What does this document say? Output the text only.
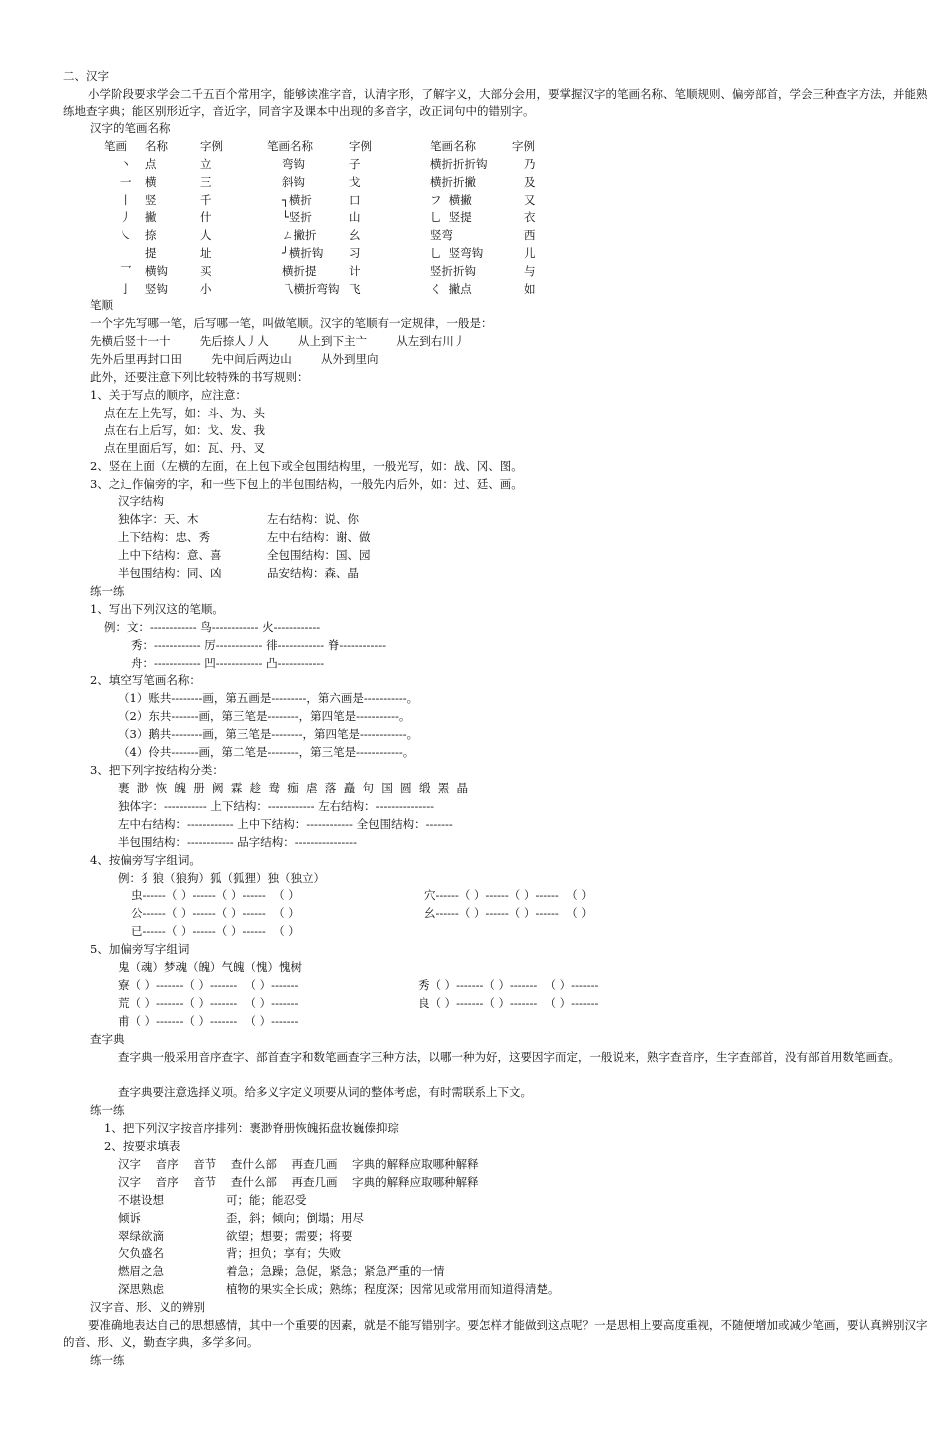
二、汉字
小学阶段要求学会二千五百个常用字，能够读准字音，认清字形，了解字义，大部分会用，要掌握汉字的笔画名称、笔顺规则、偏旁部首，学会三种查字方法，并能熟练地查字典；能区别形近字，音近字，同音字及课本中出现的多音字，改正词句中的错别字。
汉字的笔画名称
笔画 名称	字例	笔画名称	字例	笔画名称	字例
丶 点	立	弯钩	子	横折折折钩	乃
一 横	三	斜钩	戈	横折折撇	及
丨 竖	千	┐横折	口	フ  横撇	又
丿 撇	什	└竖折	山	乚  竖提	衣
㇏ 捺	人	ㄥ撇折	幺	竖弯	西
提	址	╯横折钩 习	乚  竖弯钩	儿
乛 横钩	买	横折提	计	竖折折钩	与
亅 竖钩	小	乁横折弯钩 飞	く  撇点	如
笔顺
一个字先写哪一笔，后写哪一笔，叫做笔顺。汉字的笔顺有一定规律，一般是：
先横后竖十一十        先后捺人丿人        从上到下主亠        从左到右川丿
先外后里再封口田        先中间后两边山        从外到里向
此外，还要注意下列比较特殊的书写规则：
1、关于写点的顺序，应注意：
点在左上先写，如：斗、为、头
点在右上后写，如：戈、发、我
点在里面后写，如：瓦、丹、叉
2、竖在上面（左横的左面，在上包下或全包围结构里，一般光写，如：战、冈、图。
3、之辶作偏旁的字，和一些下包上的半包围结构，一般先内后外，如：过、廷、画。
汉字结构
独体字：天、木	左右结构：说、你
上下结构：忠、秀	左中右结构：谢、做
上中下结构：意、喜	全包围结构：国、园
半包围结构：同、凶	品安结构：森、晶
练一练
1、写出下列汉这的笔顺。
例：文：------------ 鸟------------ 火------------
秀：------------ 厉------------ 徘------------ 脊------------
舟：------------ 凹------------ 凸------------
2、填空写笔画名称：
（1）账共--------画，第五画是---------，第六画是-----------。
（2）东共-------画，第三笔是--------，第四笔是-----------。
（3）鹅共--------画，第三笔是--------，第四笔是------------。
（4）伶共-------画，第二笔是--------，第三笔是------------。
3、把下列字按结构分类：
裹  渺  恢  魄  册  阙  霖  趁  鸯  痂  虐  落  矗  句  国  圆  缎  罴  晶
独体字：----------- 上下结构：------------ 左右结构：---------------
左中右结构：------------ 上中下结构：------------ 全包围结构：-------
半包围结构：------------ 品字结构：----------------
4、按偏旁写字组词。
例：犭狼（狼狗）狐（狐狸）独（独立）
虫------（ ）------（ ）------  （ ）
公------（ ）------（ ）------  （ ）
已------（ ）------（ ）------  （ ）
穴------（ ）------（ ）------  （ ）
幺------（ ）------（ ）------  （ ）
5、加偏旁写字组词
鬼（魂）梦魂（魄）气魄（愧）愧树
寮（ ）-------（ ）-------  （ ）-------
荒（ ）-------（ ）-------  （ ）-------
甫（ ）-------（ ）-------  （ ）-------
秀（ ）-------（ ）-------  （ ）-------
良（ ）-------（ ）-------  （ ）-------
查字典
查字典一般采用音序查字、部首查字和数笔画查字三种方法，以哪一种为好，这要因字而定，一般说来，熟字查音序，生字查部首，没有部首用数笔画查。
查字典要注意选择义项。给多义字定义项要从词的整体考虑，有时需联系上下文。
练一练
1、把下列汉字按音序排列：裹渺脊册恢魄拓盘妆巍傣抑琮
2、按要求填表
汉字    音序    音节    查什么部    再查几画    字典的解释应取哪种解释
汉字    音序    音节    查什么部    再查几画    字典的解释应取哪种解释
不堪设想	可；能；能忍受
倾诉	歪，斜；倾向；倒塌；用尽
翠绿欲滴	欲望；想要；需要；将要
欠负盛名	背；担负；享有；失败
燃眉之急	着急；急躁；急促，紧急；紧急严重的一情
深思熟虑	植物的果实全长成；熟练；程度深；因常见或常用而知道得清楚。
汉字音、形、义的辨别
要准确地表达自己的思想感情，其中一个重要的因素，就是不能写错别字。要怎样才能做到这点呢？一是思相上要高度重视，不随便增加或减少笔画，要认真辨别汉字的音、形、义，勤查字典，多学多问。
练一练
